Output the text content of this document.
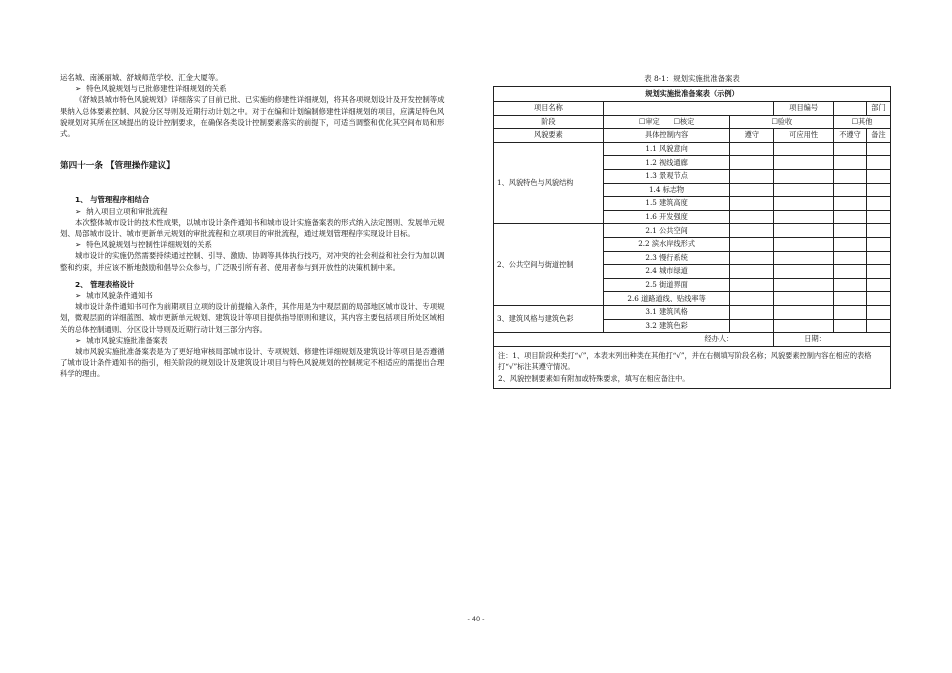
运名城、南溪丽城、舒城师范学校、汇金大厦等。

➢ 特色风貌规划与已批修建性详细规划的关系

《舒城县城市特色风貌规划》详细落实了目前已批、已实施的修建性详细规划，将其各项规划设计及开发控制等成果纳入总体要素控制、风貌分区导则及近期行动计划之中。对于在编和计划编制修建性详细规划的项目，应满足特色风貌规划对其所在区域提出的设计控制要求，在确保各类设计控制要素落实的前提下，可适当调整和优化其空间布局和形式。

第四十一条 【管理操作建议】

1、 与管理程序相结合

➢ 纳入项目立项和审批流程

本次整体城市设计的技术性成果，以城市设计条件通知书和城市设计实施备案表的形式纳入法定图则、发展单元规划、局部城市设计、城市更新单元规划的审批流程和立项项目的审批流程，通过规划管理程序实现设计目标。

➢ 特色风貌规划与控制性详细规划的关系

城市设计的实施仍然需要持续通过控制、引导、激励、协调等具体执行技巧，对冲突的社会利益和社会行为加以调整和约束，并应该不断地鼓励和倡导公众参与，广泛吸引所有者、使用者参与到开放性的决策机制中来。

2、 管理表格设计

➢ 城市风貌条件通知书

城市设计条件通知书可作为前期项目立项的设计前提输入条件，其作用是为中观层面的局部地区城市设计、专项规划，微观层面的详细蓝图、城市更新单元规划、建筑设计等项目提供指导原则和建议，其内容主要包括项目所处区域相关的总体控制通则、分区设计导则及近期行动计划三部分内容。

➢ 城市风貌实施批准备案表

城市风貌实施批准备案表是为了更好地审核局部城市设计、专项规划、修建性详细规划及建筑设计等项目是否遵循了城市设计条件通知书的指引，相关阶段的规划设计及建筑设计项目与特色风貌规划的控制规定不相适应的需提出合理科学的理由。

表 8-1：规划实施批准备案表
规划实施批准备案表（示例）					
项目名称			项目编号		部门
阶段	☐审定 ☐核定	☐验收		☐其他	
风貌要素	具体控制内容	遵守	可应用性	不遵守	备注
1、风貌特色与风貌结构	1.1 风貌意向				
	1.2 视线通廊				
	1.3 景观节点				
	1.4 标志物				
	1.5 建筑高度				
	1.6 开发强度				
2、公共空间与街道控制	2.1 公共空间				
	2.2 滨水岸线形式				
	2.3 慢行系统				
	2.4 城市绿道				
	2.5 街道界面				
	2.6 道路道线、贴线率等				
3、建筑风格与建筑色彩	3.1 建筑风格				
	3.2 建筑色彩				
经办人：			日期：		

注：1、项目阶段种类打“√”，本表末列出种类在其他打“√”，并在右侧填写阶段名称；风貌要素控制内容在相应的表格打“√”标注其遵守情况。
2、风貌控制要素如有附加或特殊要求，填写在相应备注中。					
- 40 -
